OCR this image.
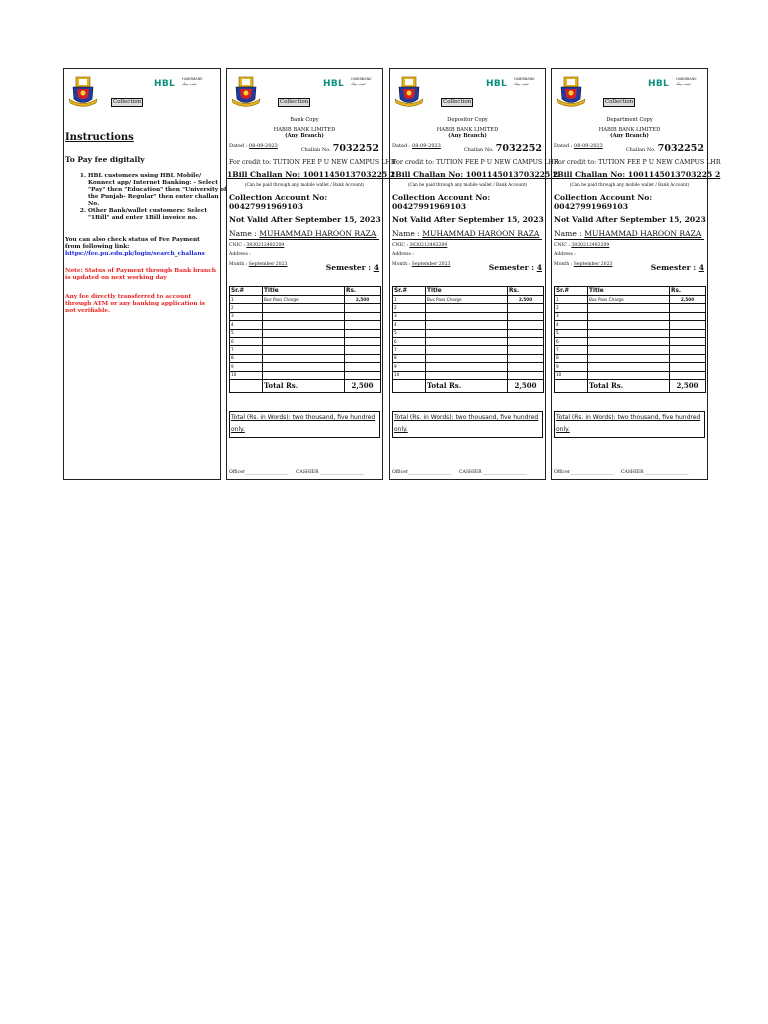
HBL HABIBBANK
حبیب بینک
Collection
Instructions
To Pay fee digitally
1. HBL customers using HBL Mobile/ Konnect app/ Internet Banking: - Select "Pay" then "Education" then "University of the Punjab- Regular" then enter challan No.
2. Other Bank/wallet customers: Select "1Bill" and enter 1Bill invoice no.
You can also check status of Fee Payment from following link: https://fee.pu.edu.pk/login/search_challans
Note: Status of Payment through Bank branch is updated on next working day
Any fee directly transferred to account through ATM or any banking application is not verifiable.
HBL HABIBBANK
حبیب بینک
Collection
Bank Copy
HABIB BANK LIMITED
(Any Branch)
Dated : 08-09-2023
Challan No. 7032252
For credit to: TUTION FEE P U NEW CAMPUS LHR
1Bill Challan No: 1001145013703225 2
(Can be paid through any mobile wallet / Bank Account)
Collection Account No:
00427991969103
Not Valid After September 15, 2023
Name : MUHAMMAD HAROON RAZA
CNIC : 3830212483209
Address :
Month : September 2023	Semester : 4
Sr.#	Title	Rs.
1	Bus Pass Charge	2,500
2		
3		
4		
5		
6		
7		
8		
9		
10		
	Total Rs.	2,500
Total (Rs. in Words): two thousand, five hundred only.
Officer___________________ CASHIER ___________________
HBL HABIBBANK
حبیب بینک
Collection
Depositor Copy
HABIB BANK LIMITED
(Any Branch)
Dated : 08-09-2023
Challan No. 7032252
For credit to: TUTION FEE P U NEW CAMPUS LHR
1Bill Challan No: 1001145013703225 2
(Can be paid through any mobile wallet / Bank Account)
Collection Account No:
00427991969103
Not Valid After September 15, 2023
Name : MUHAMMAD HAROON RAZA
CNIC : 3830212483209
Address :
Month : September 2023	Semester : 4
Sr.#	Title	Rs.
1	Bus Pass Charge	2,500
2		
3		
4		
5		
6		
7		
8		
9		
10		
	Total Rs.	2,500
Total (Rs. in Words): two thousand, five hundred only.
Officer___________________ CASHIER ___________________
HBL HABIBBANK
حبیب بینک
Collection
Department Copy
HABIB BANK LIMITED
(Any Branch)
Dated : 08-09-2023
Challan No. 7032252
For credit to: TUTION FEE P U NEW CAMPUS LHR
1Bill Challan No: 1001145013703225 2
(Can be paid through any mobile wallet / Bank Account)
Collection Account No:
00427991969103
Not Valid After September 15, 2023
Name : MUHAMMAD HAROON RAZA
CNIC : 3830212483209
Address :
Month : September 2023	Semester : 4
Sr.#	Title	Rs.
1	Bus Pass Charge	2,500
2		
3		
4		
5		
6		
7		
8		
9		
10		
	Total Rs.	2,500
Total (Rs. in Words): two thousand, five hundred only.
Officer___________________ CASHIER ___________________
